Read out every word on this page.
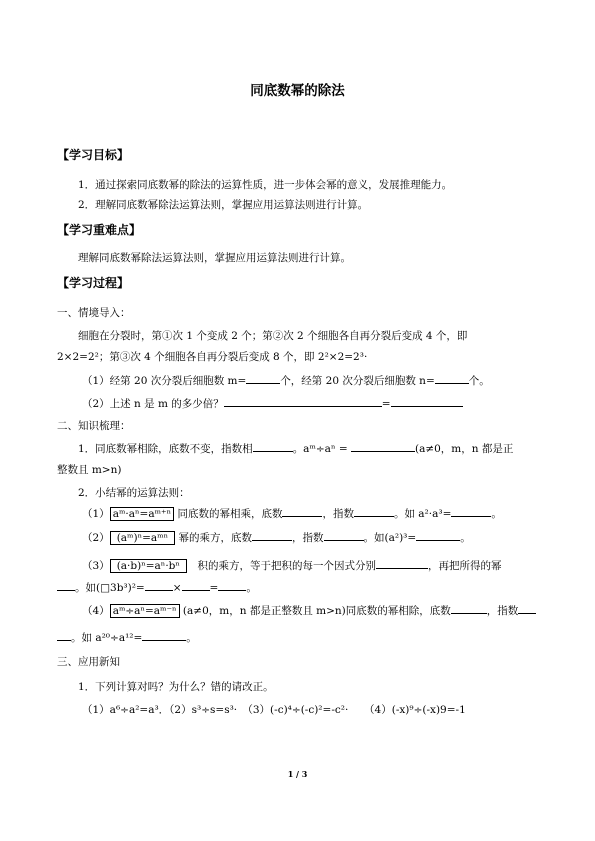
同底数幂的除法
【学习目标】
1．通过探索同底数幂的除法的运算性质，进一步体会幂的意义，发展推理能力。
2．理解同底数幂除法运算法则，掌握应用运算法则进行计算。
【学习重难点】
理解同底数幂除法运算法则，掌握应用运算法则进行计算。
【学习过程】
一、情境导入：
细胞在分裂时，第①次 1 个变成 2 个；第②次 2 个细胞各自再分裂后变成 4 个，即
2×2=2²；第③次 4 个细胞各自再分裂后变成 8 个，即 2²×2=2³·
（1）经第 20 次分裂后细胞数 m=	个，经第 20 次分裂后细胞数 n=	个。
（2）上述 n 是 m 的多少倍？	=
二、知识梳理：
1．同底数幂相除，底数不变，指数相	。aᵐ÷aⁿ =	(a≠0，m，n 都是正
整数且 m>n)
2．小结幂的运算法则：
（1） aᵐ·aⁿ=aᵐ⁺ⁿ 同底数的幂相乘，底数	，指数	。如 a²·a³=	。
（2） (aᵐ)ⁿ=aᵐⁿ 幂的乘方，底数	，指数	。如(a²)³=	。
（3） (a·b)ⁿ=aⁿ·bⁿ　 积的乘方，等于把积的每一个因式分别	，再把所得的幂
。如(□3b³)²=	×	=	。
（4） aᵐ÷aⁿ=aᵐ⁻ⁿ (a≠0，m，n 都是正整数且 m>n)同底数的幂相除，底数	，指数
。如 a²⁰÷a¹²=	。
三、应用新知
1．下列计算对吗？为什么？错的请改正。
（1）a⁶÷a²=a³．（2）s³÷s=s³·　（3）(-c)⁴÷(-c)²=-c²·　　（4）(-x)⁹÷(-x)9=-1
1 / 3
